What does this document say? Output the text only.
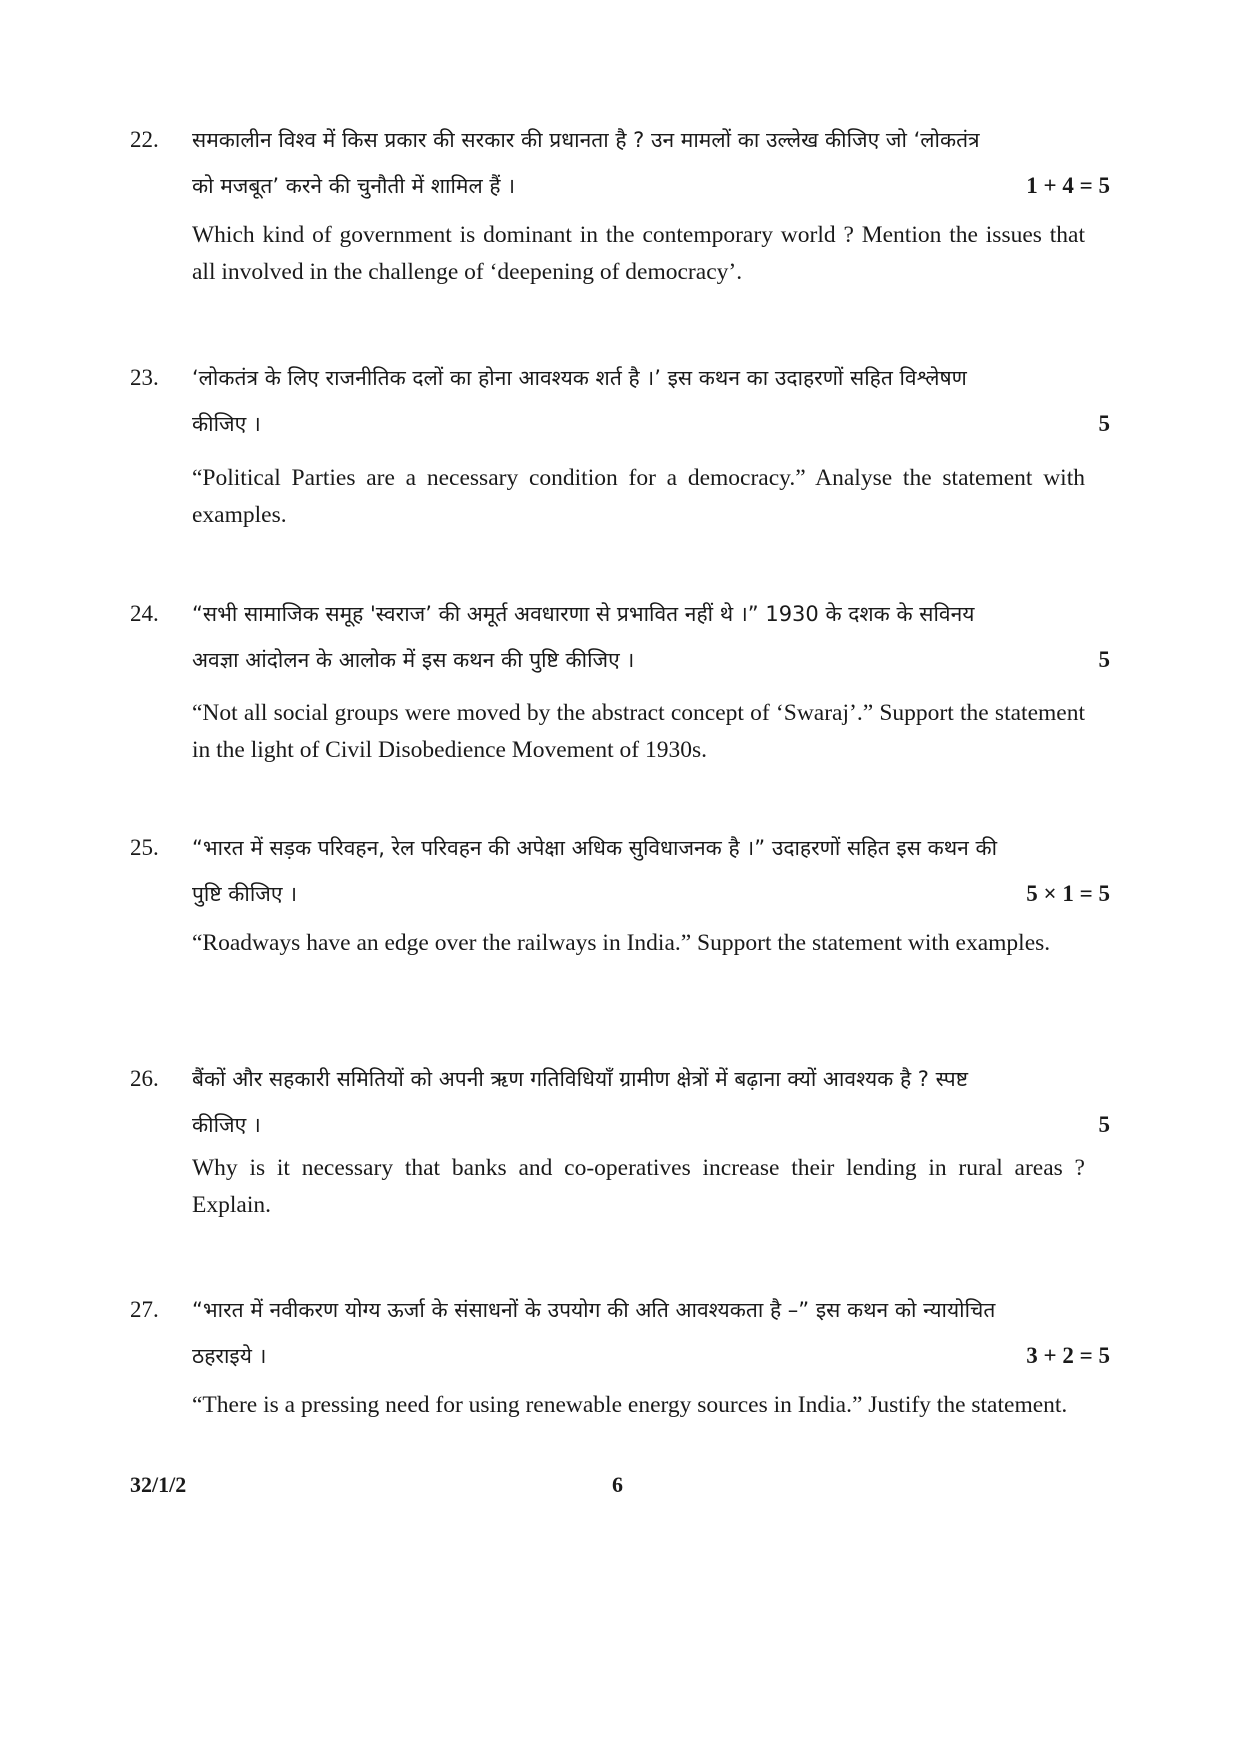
22. समकालीन विश्व में किस प्रकार की सरकार की प्रधानता है ? उन मामलों का उल्लेख कीजिए जो ‘लोकतंत्र

को मजबूत’ करने की चुनौती में शामिल हैं ।	1 + 4 = 5

Which kind of government is dominant in the contemporary world ? Mention the issues that all involved in the challenge of ‘deepening of democracy’.

23. ‘लोकतंत्र के लिए राजनीतिक दलों का होना आवश्यक शर्त है ।’ इस कथन का उदाहरणों सहित विश्लेषण

कीजिए ।	5

“Political Parties are a necessary condition for a democracy.” Analyse the statement with examples.

24. “सभी सामाजिक समूह 'स्वराज’ की अमूर्त अवधारणा से प्रभावित नहीं थे ।” 1930 के दशक के सविनय

अवज्ञा आंदोलन के आलोक में इस कथन की पुष्टि कीजिए ।	5

“Not all social groups were moved by the abstract concept of ‘Swaraj’.” Support the statement in the light of Civil Disobedience Movement of 1930s.

25. “भारत में सड़क परिवहन, रेल परिवहन की अपेक्षा अधिक सुविधाजनक है ।” उदाहरणों सहित इस कथन की

पुष्टि कीजिए ।	5 × 1 = 5

“Roadways have an edge over the railways in India.” Support the statement with examples.

26. बैंकों और सहकारी समितियों को अपनी ऋण गतिविधियाँ ग्रामीण क्षेत्रों में बढ़ाना क्यों आवश्यक है ? स्पष्ट

कीजिए ।	5

Why is it necessary that banks and co-operatives increase their lending in rural areas ? Explain.

27. “भारत में नवीकरण योग्य ऊर्जा के संसाधनों के उपयोग की अति आवश्यकता है –” इस कथन को न्यायोचित

ठहराइये ।	3 + 2 = 5

“There is a pressing need for using renewable energy sources in India.” Justify the statement.

32/1/2	6
